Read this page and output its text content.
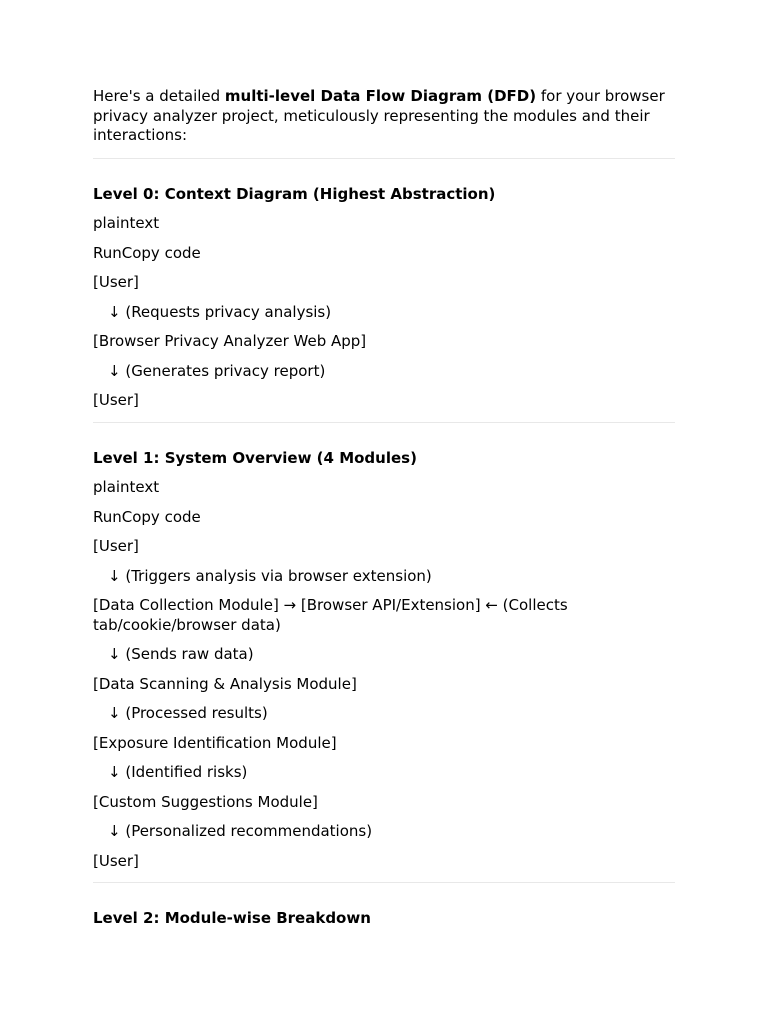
Here's a detailed multi-level Data Flow Diagram (DFD) for your browser privacy analyzer project, meticulously representing the modules and their interactions:

Level 0: Context Diagram (Highest Abstraction)

plaintext

RunCopy code

[User]

↓ (Requests privacy analysis)

[Browser Privacy Analyzer Web App]

↓ (Generates privacy report)

[User]

Level 1: System Overview (4 Modules)

plaintext

RunCopy code

[User]

↓ (Triggers analysis via browser extension)

[Data Collection Module] → [Browser API/Extension] ← (Collects tab/cookie/browser data)

↓ (Sends raw data)

[Data Scanning & Analysis Module]

↓ (Processed results)

[Exposure Identification Module]

↓ (Identified risks)

[Custom Suggestions Module]

↓ (Personalized recommendations)

[User]

Level 2: Module-wise Breakdown
